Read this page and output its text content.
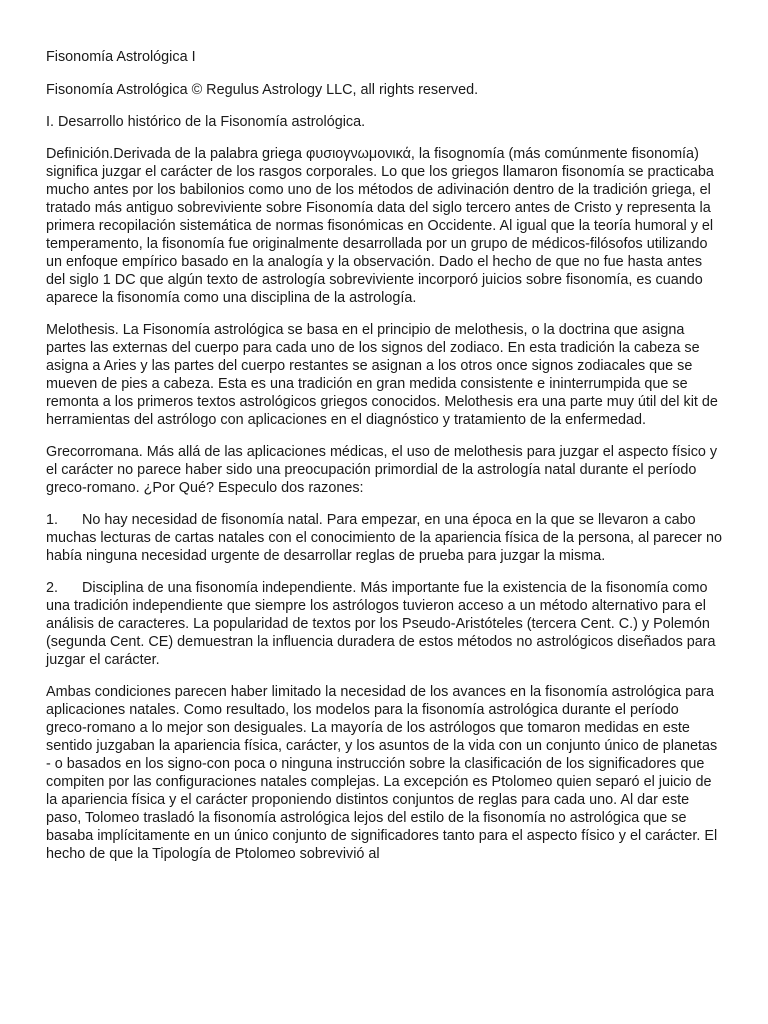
Fisonomía Astrológica I

Fisonomía Astrológica © Regulus Astrology LLC, all rights reserved.

I. Desarrollo histórico de la Fisonomía astrológica.

Definición.Derivada de la palabra griega φυσιογνωμονικά, la fisognomía (más comúnmente fisonomía) significa juzgar el carácter de los rasgos corporales. Lo que los griegos llamaron fisonomía se practicaba mucho antes por los babilonios como uno de los métodos de adivinación dentro de la tradición griega, el tratado más antiguo sobreviviente sobre Fisonomía data del siglo tercero antes de Cristo y representa la primera recopilación sistemática de normas fisonómicas en Occidente. Al igual que la teoría humoral y el temperamento, la fisonomía fue originalmente desarrollada por un grupo de médicos-filósofos utilizando un enfoque empírico basado en la analogía y la observación. Dado el hecho de que no fue hasta antes del siglo 1 DC que algún texto de astrología sobreviviente incorporó juicios sobre fisonomía, es cuando aparece la fisonomía como una disciplina de la astrología.

Melothesis. La Fisonomía astrológica se basa en el principio de melothesis, o la doctrina que asigna partes las externas del cuerpo para cada uno de los signos del zodiaco. En esta tradición la cabeza se asigna a Aries y las partes del cuerpo restantes se asignan a los otros once signos zodiacales que se mueven de pies a cabeza. Esta es una tradición en gran medida consistente e ininterrumpida que se remonta a los primeros textos astrológicos griegos conocidos. Melothesis era una parte muy útil del kit de herramientas del astrólogo con aplicaciones en el diagnóstico y tratamiento de la enfermedad.

Grecorromana. Más allá de las aplicaciones médicas, el uso de melothesis para juzgar el aspecto físico y el carácter no parece haber sido una preocupación primordial de la astrología natal durante el período greco-romano. ¿Por Qué? Especulo dos razones:

1. No hay necesidad de fisonomía natal. Para empezar, en una época en la que se llevaron a cabo muchas lecturas de cartas natales con el conocimiento de la apariencia física de la persona, al parecer no había ninguna necesidad urgente de desarrollar reglas de prueba para juzgar la misma.

2. Disciplina de una fisonomía independiente. Más importante fue la existencia de la fisonomía como una tradición independiente que siempre los astrólogos tuvieron acceso a un método alternativo para el análisis de caracteres. La popularidad de textos por los Pseudo-Aristóteles (tercera Cent. C.) y Polemón (segunda Cent. CE) demuestran la influencia duradera de estos métodos no astrológicos diseñados para juzgar el carácter.

Ambas condiciones parecen haber limitado la necesidad de los avances en la fisonomía astrológica para aplicaciones natales. Como resultado, los modelos para la fisonomía astrológica durante el período greco-romano a lo mejor son desiguales. La mayoría de los astrólogos que tomaron medidas en este sentido juzgaban la apariencia física, carácter, y los asuntos de la vida con un conjunto único de planetas - o basados en los signo-con poca o ninguna instrucción sobre la clasificación de los significadores que compiten por las configuraciones natales complejas. La excepción es Ptolomeo quien separó el juicio de la apariencia física y el carácter proponiendo distintos conjuntos de reglas para cada uno. Al dar este paso, Tolomeo trasladó la fisonomía astrológica lejos del estilo de la fisonomía no astrológica que se basaba implícitamente en un único conjunto de significadores tanto para el aspecto físico y el carácter. El hecho de que la Tipología de Ptolomeo sobrevivió al
